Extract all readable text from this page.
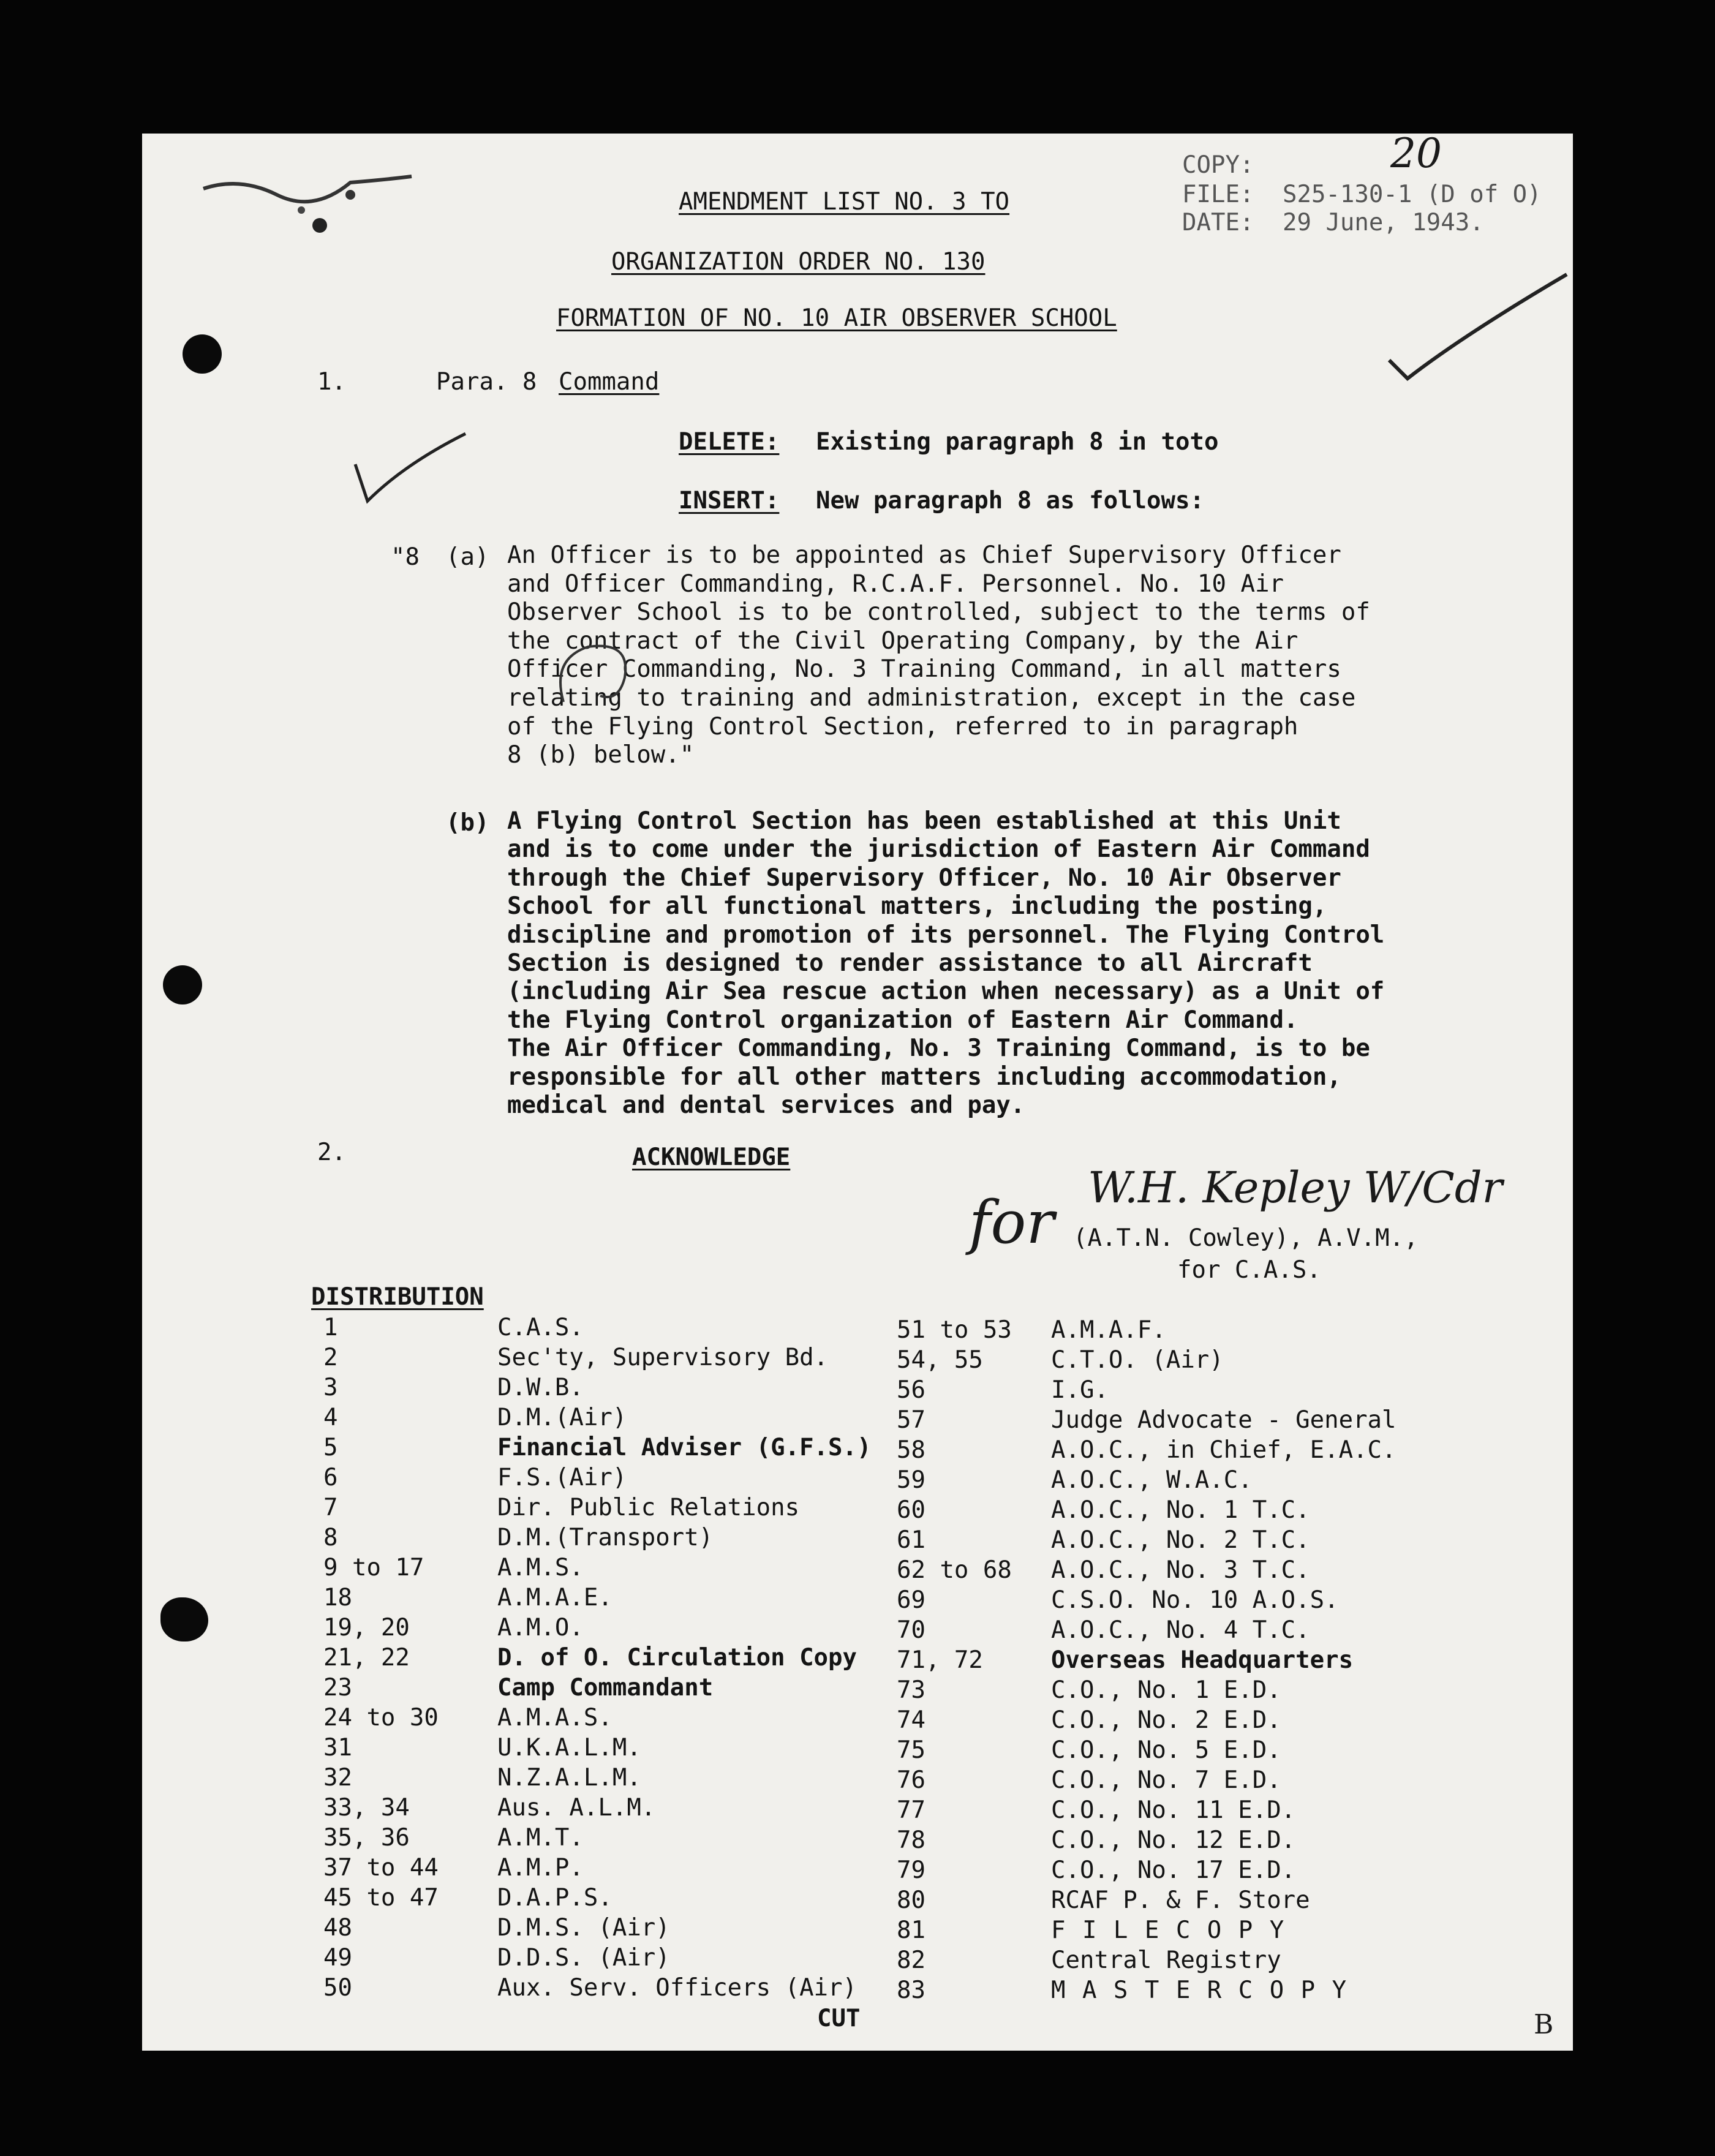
COPY:	20
FILE: S25-130-1 (D of O)
DATE: 29 June, 1943.
AMENDMENT LIST NO. 3 TO
ORGANIZATION ORDER NO. 130
FORMATION OF NO. 10 AIR OBSERVER SCHOOL
1.	Para. 8 Command
DELETE: Existing paragraph 8 in toto
INSERT: New paragraph 8 as follows:
"8 (a) An Officer is to be appointed as Chief Supervisory Officer
and Officer Commanding, R.C.A.F. Personnel. No. 10 Air
Observer School is to be controlled, subject to the terms of
the contract of the Civil Operating Company, by the Air
Officer Commanding, No. 3 Training Command, in all matters
relating to training and administration, except in the case
of the Flying Control Section, referred to in paragraph
8 (b) below."
(b) A Flying Control Section has been established at this Unit
and is to come under the jurisdiction of Eastern Air Command
through the Chief Supervisory Officer, No. 10 Air Observer
School for all functional matters, including the posting,
discipline and promotion of its personnel. The Flying Control
Section is designed to render assistance to all Aircraft
(including Air Sea rescue action when necessary) as a Unit of
the Flying Control organization of Eastern Air Command.
The Air Officer Commanding, No. 3 Training Command, is to be
responsible for all other matters including accommodation,
medical and dental services and pay.
2.	ACKNOWLEDGE
for
W.H. Kepley W/Cdr
(A.T.N. Cowley), A.V.M.,
for C.A.S.
DISTRIBUTION
1	C.A.S.
2	Sec'ty, Supervisory Bd.
3	D.W.B.
4	D.M.(Air)
5	Financial Adviser (G.F.S.)
6	F.S.(Air)
7	Dir. Public Relations
8	D.M.(Transport)
9 to 17	A.M.S.
18	A.M.A.E.
19, 20	A.M.O.
21, 22	D. of O. Circulation Copy
23	Camp Commandant
24 to 30 A.M.A.S.
31	U.K.A.L.M.
32	N.Z.A.L.M.
33, 34	Aus. A.L.M.
35, 36	A.M.T.
37 to 44 A.M.P.
45 to 47 D.A.P.S.
48	D.M.S. (Air)
49	D.D.S. (Air)
50	Aux. Serv. Officers (Air)
51 to 53 A.M.A.F.
54, 55	C.T.O. (Air)
56	I.G.
57	Judge Advocate - General
58	A.O.C., in Chief, E.A.C.
59	A.O.C., W.A.C.
60	A.O.C., No. 1 T.C.
61	A.O.C., No. 2 T.C.
62 to 68 A.O.C., No. 3 T.C.
69	C.S.O. No. 10 A.O.S.
70	A.O.C., No. 4 T.C.
71, 72	Overseas Headquarters
73	C.O., No. 1 E.D.
74	C.O., No. 2 E.D.
75	C.O., No. 5 E.D.
76	C.O., No. 7 E.D.
77	C.O., No. 11 E.D.
78	C.O., No. 12 E.D.
79	C.O., No. 17 E.D.
80	RCAF P. & F. Store
81	F I L E C O P Y
82	Central Registry
83	M A S T E R C O P Y
CUT	B
